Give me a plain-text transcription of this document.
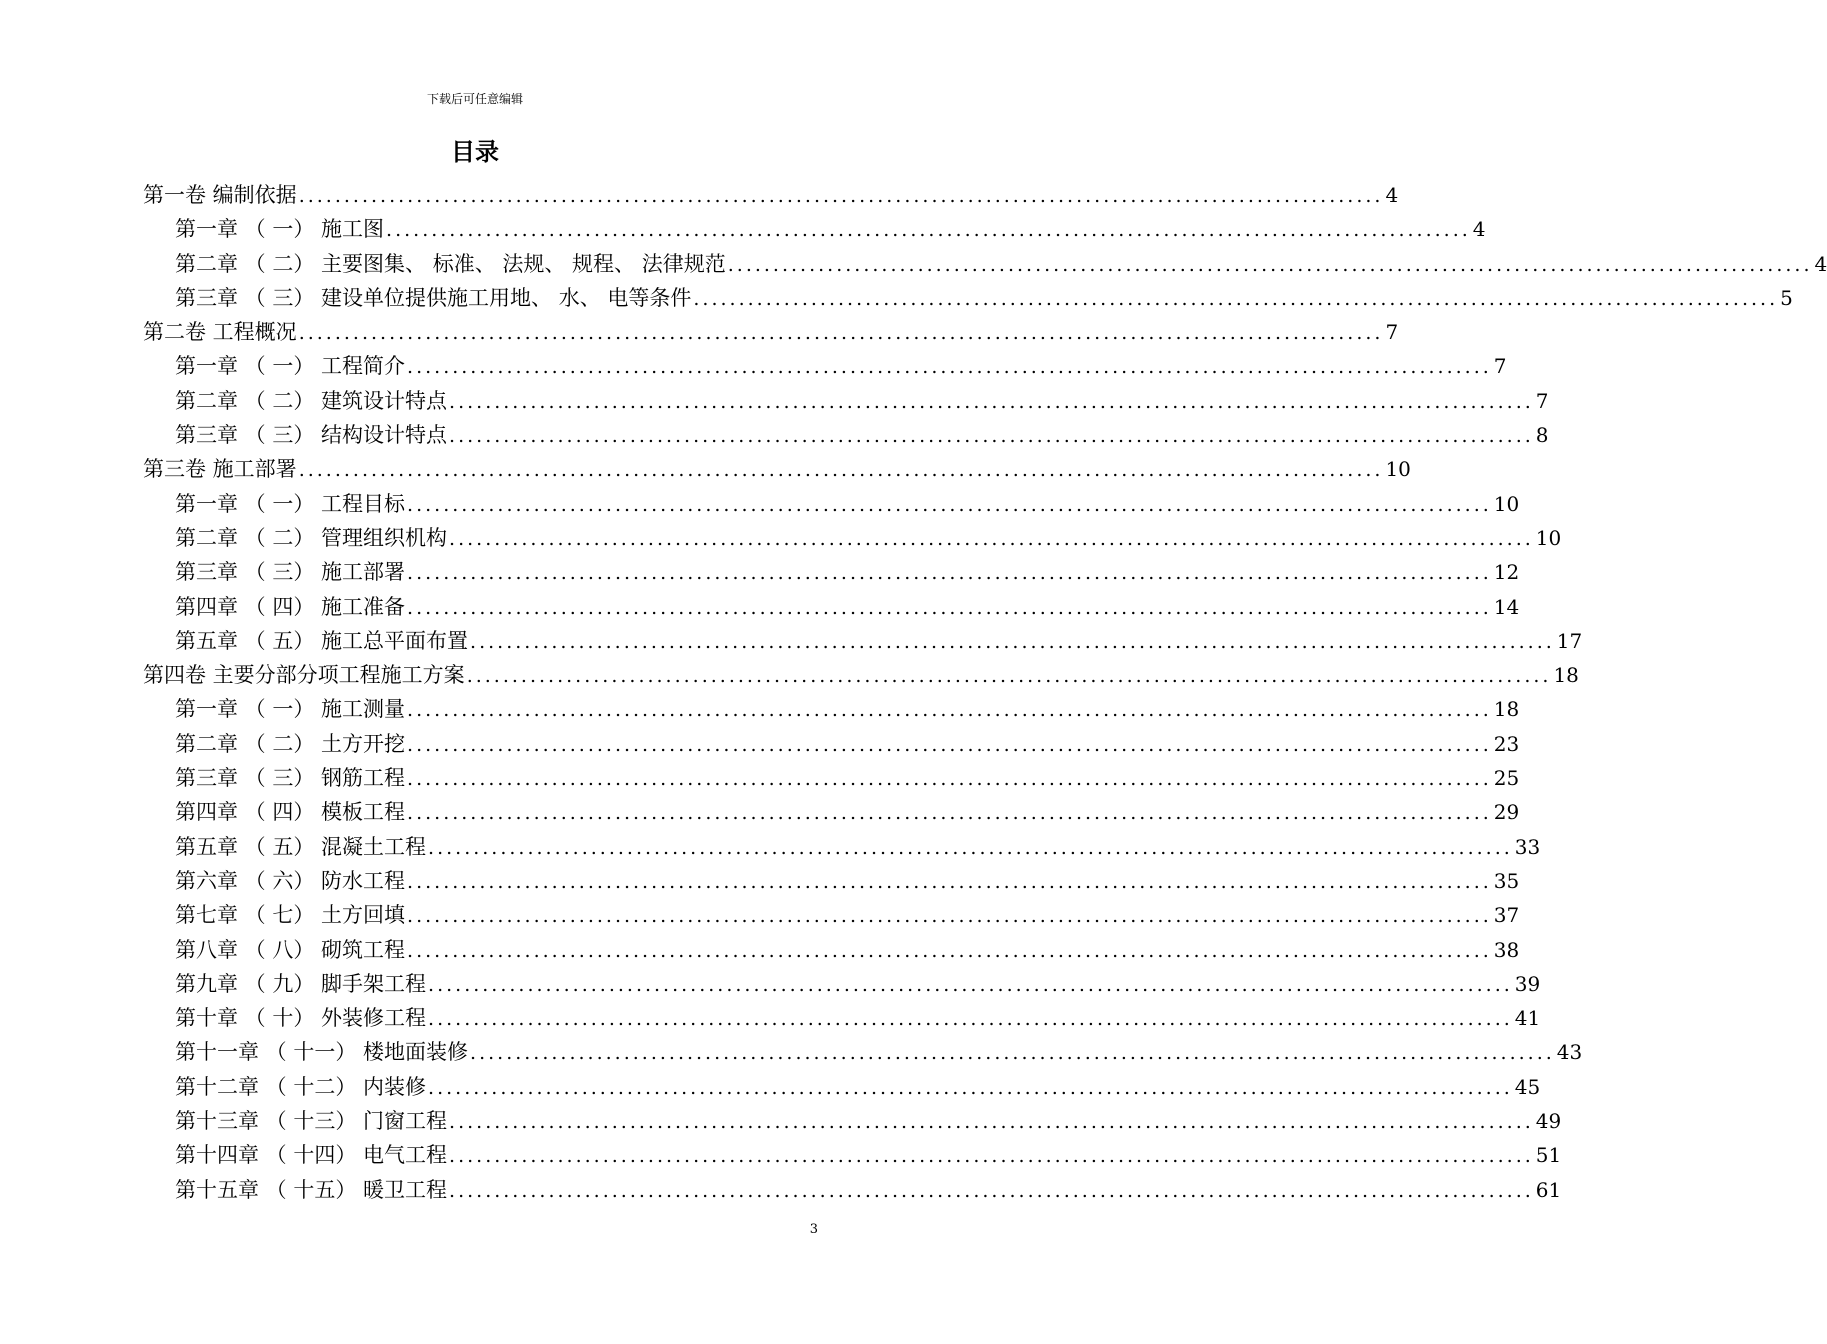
下载后可任意编辑
目录
第一卷 编制依据 ........................................................................................................................ 4
第一章 （ 一） 施工图 ........................................................................................................................ 4
第二章 （ 二） 主要图集、 标准、 法规、 规程、 法律规范 ........................................................................................................................ 4
第三章 （ 三） 建设单位提供施工用地、 水、 电等条件 ........................................................................................................................ 5
第二卷 工程概况 ........................................................................................................................ 7
第一章 （ 一） 工程简介 ........................................................................................................................ 7
第二章 （ 二） 建筑设计特点 ........................................................................................................................ 7
第三章 （ 三） 结构设计特点 ........................................................................................................................ 8
第三卷 施工部署 ........................................................................................................................ 10
第一章 （ 一） 工程目标 ........................................................................................................................ 10
第二章 （ 二） 管理组织机构 ........................................................................................................................ 10
第三章 （ 三） 施工部署 ........................................................................................................................ 12
第四章 （ 四） 施工准备 ........................................................................................................................ 14
第五章 （ 五） 施工总平面布置 ........................................................................................................................ 17
第四卷 主要分部分项工程施工方案 ........................................................................................................................ 18
第一章 （ 一） 施工测量 ........................................................................................................................ 18
第二章 （ 二） 土方开挖 ........................................................................................................................ 23
第三章 （ 三） 钢筋工程 ........................................................................................................................ 25
第四章 （ 四） 模板工程 ........................................................................................................................ 29
第五章 （ 五） 混凝土工程 ........................................................................................................................ 33
第六章 （ 六） 防水工程 ........................................................................................................................ 35
第七章 （ 七） 土方回填 ........................................................................................................................ 37
第八章 （ 八） 砌筑工程 ........................................................................................................................ 38
第九章 （ 九） 脚手架工程 ........................................................................................................................ 39
第十章 （ 十） 外装修工程 ........................................................................................................................ 41
第十一章 （ 十一） 楼地面装修 ........................................................................................................................ 43
第十二章 （ 十二） 内装修 ........................................................................................................................ 45
第十三章 （ 十三） 门窗工程 ........................................................................................................................ 49
第十四章 （ 十四） 电气工程 ........................................................................................................................ 51
第十五章 （ 十五） 暖卫工程 ........................................................................................................................ 61
3
